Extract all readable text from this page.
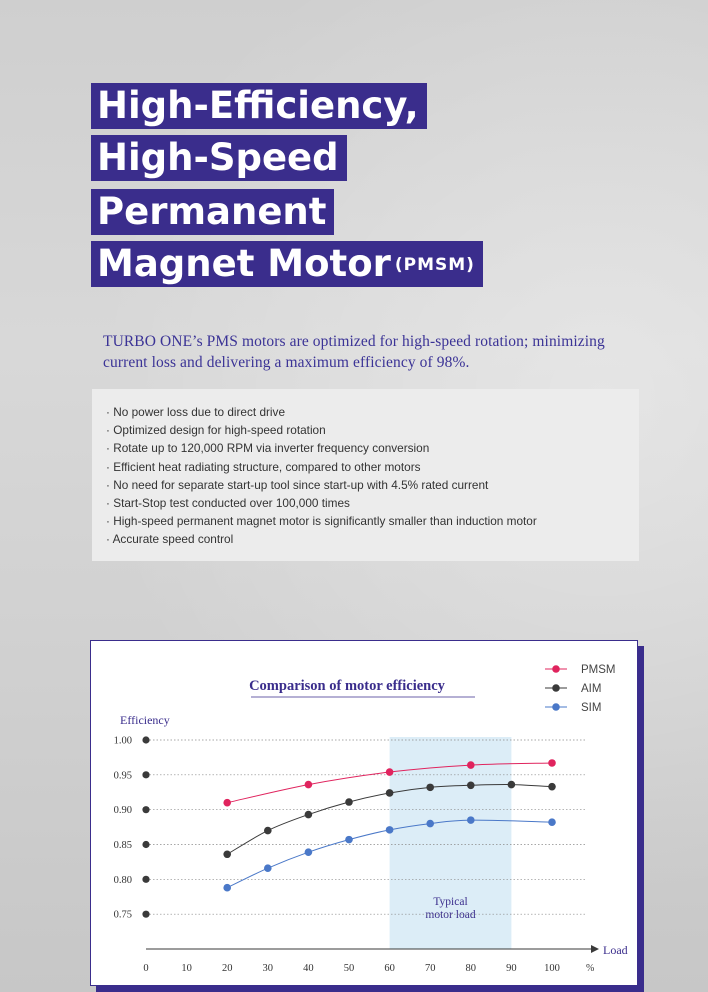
High-Efficiency,
High-Speed
Permanent
Magnet Motor $^{(PMSM)}$

TURBO ONE’s PMS motors are optimized for high-speed rotation; minimizing current loss and delivering a maximum efficiency of 98%.

· No power loss due to direct drive
· Optimized design for high-speed rotation
· Rotate up to 120,000 RPM via inverter frequency conversion
· Efficient heat radiating structure, compared to other motors
· No need for separate start-up tool since start-up with 4.5% rated current
· Start-Stop test conducted over 100,000 times
· High-speed permanent magnet motor is significantly smaller than induction motor
· Accurate speed control
Typical
motor load
Comparison of motor efficiency
Efficiency
Load
%
PMSM
AIM
SIM
1.00
0.95
0.90
0.85
0.80
0.75
0	10	20	30	40	50	60	70	80	90	100
